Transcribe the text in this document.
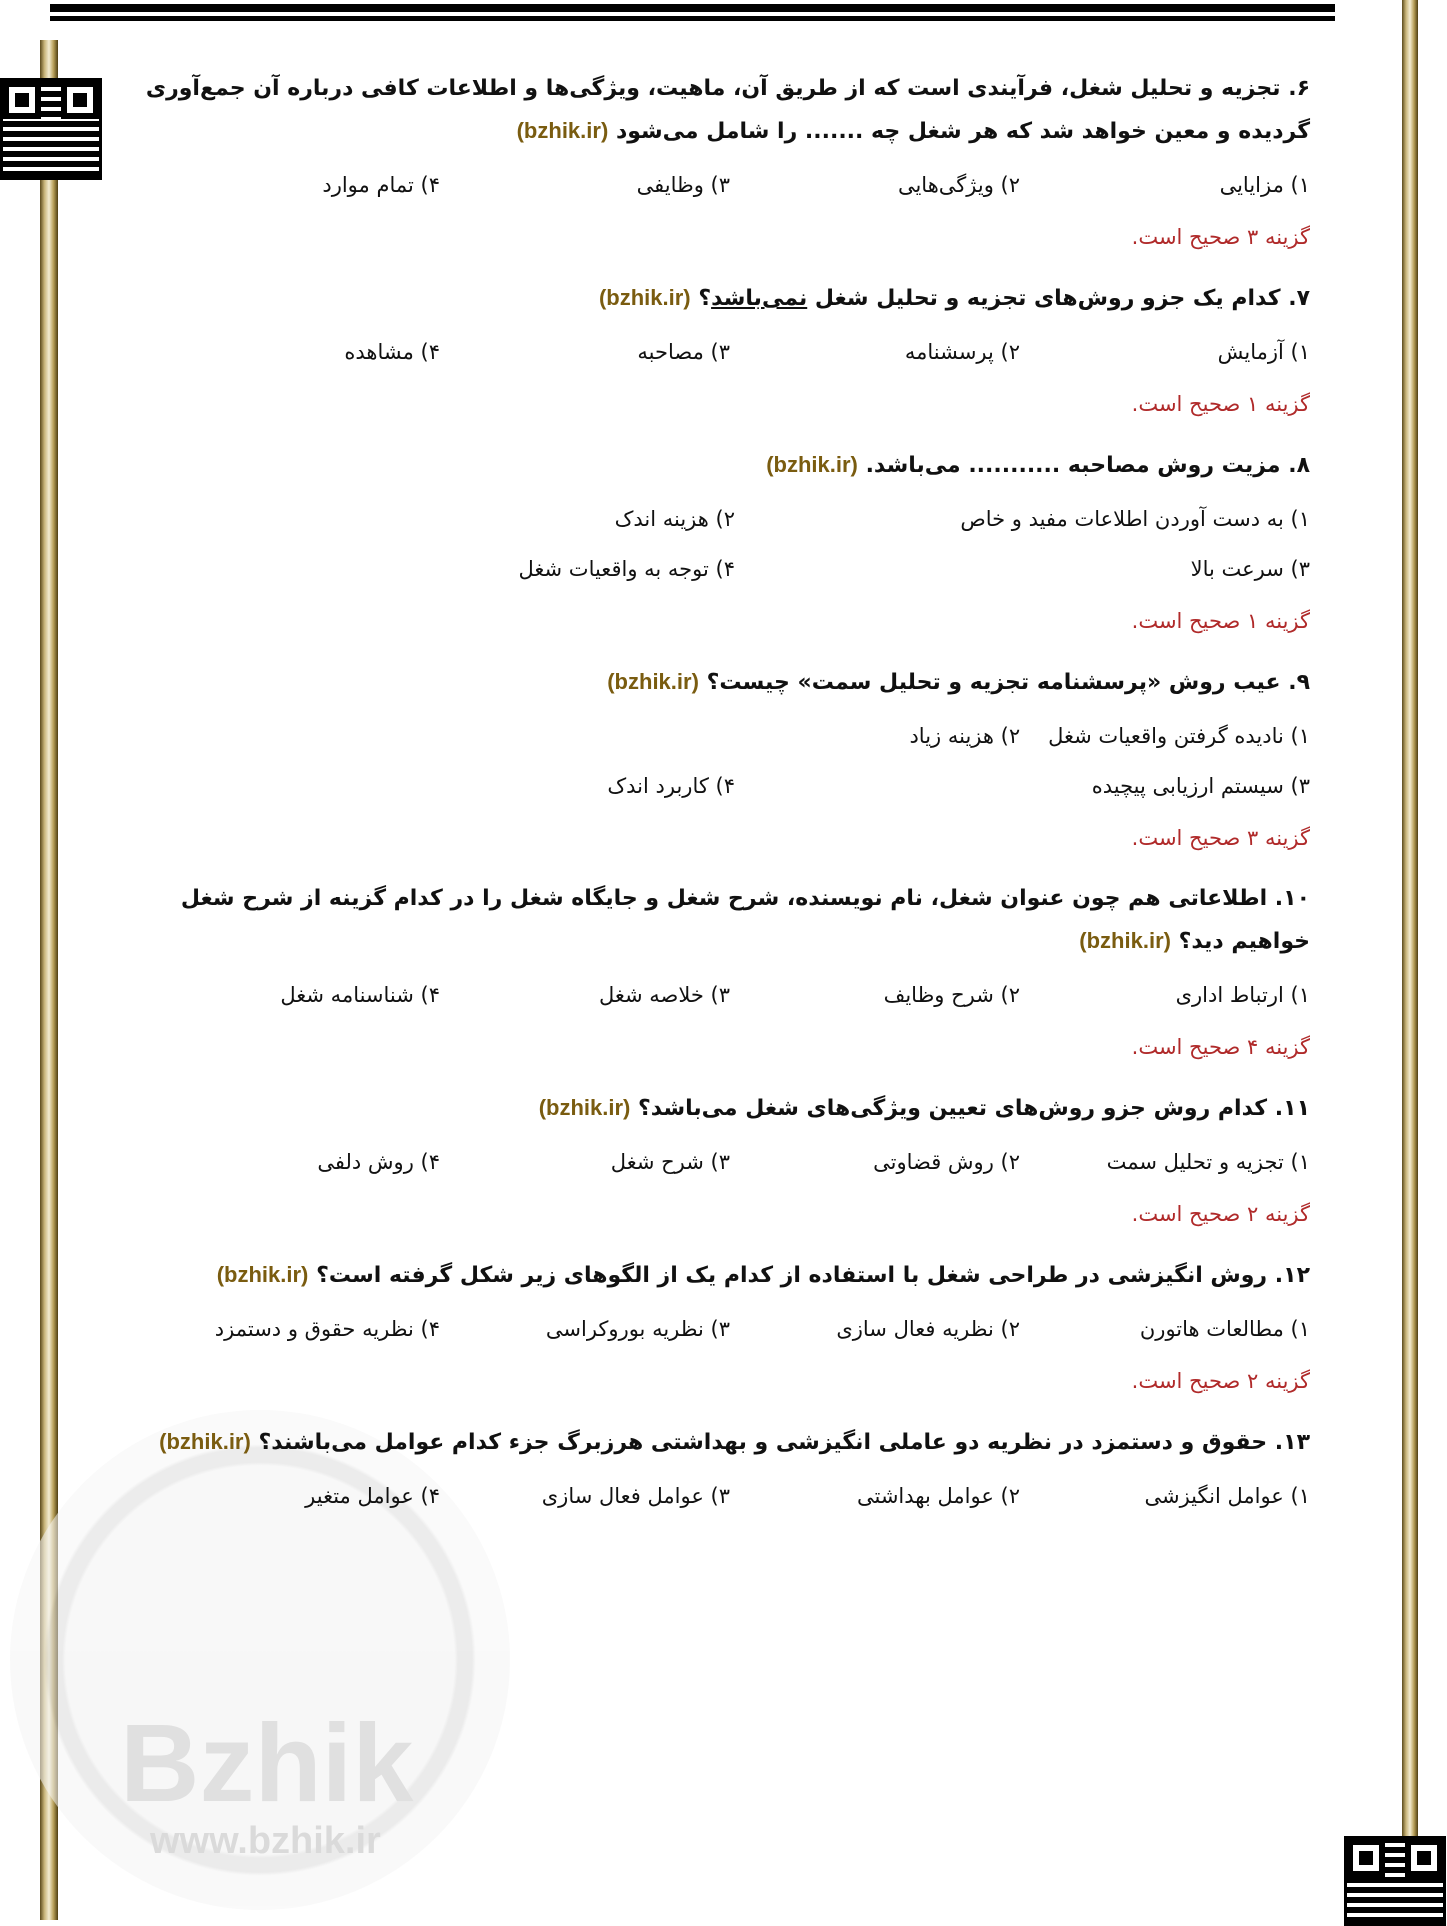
Bzhik
www.bzhik.ir
۶. تجزیه و تحلیل شغل، فرآیندی است که از طریق آن، ماهیت، ویژگی‌ها و اطلاعات کافی درباره آن جمع‌آوری گردیده و معین خواهد شد که هر شغل چه ....... را شامل می‌شود (bzhik.ir)
۱) مزایایی
۲) ویژگی‌هایی
۳) وظایفی
۴) تمام موارد
گزینه ۳ صحیح است.
۷. کدام یک جزو روش‌های تجزیه و تحلیل شغل نمی‌باشد؟ (bzhik.ir)
۱) آزمایش
۲) پرسشنامه
۳) مصاحبه
۴) مشاهده
گزینه ۱ صحیح است.
۸. مزیت روش مصاحبه ........... می‌باشد. (bzhik.ir)
۱) به دست آوردن اطلاعات مفید و خاص
۲) هزینه اندک
۳) سرعت بالا
۴) توجه به واقعیات شغل
گزینه ۱ صحیح است.
۹. عیب روش «پرسشنامه تجزیه و تحلیل سمت» چیست؟ (bzhik.ir)
۱) نادیده گرفتن واقعیات شغل
۲) هزینه زیاد
۳) سیستم ارزیابی پیچیده
۴) کاربرد اندک
گزینه ۳ صحیح است.
۱۰. اطلاعاتی هم چون عنوان شغل، نام نویسنده، شرح شغل و جایگاه شغل را در کدام گزینه از شرح شغل خواهیم دید؟ (bzhik.ir)
۱) ارتباط اداری
۲) شرح وظایف
۳) خلاصه شغل
۴) شناسنامه شغل
گزینه ۴ صحیح است.
۱۱. کدام روش جزو روش‌های تعیین ویژگی‌های شغل می‌باشد؟ (bzhik.ir)
۱) تجزیه و تحلیل سمت
۲) روش قضاوتی
۳) شرح شغل
۴) روش دلفی
گزینه ۲ صحیح است.
۱۲. روش انگیزشی در طراحی شغل با استفاده از کدام یک از الگوهای زیر شکل گرفته است؟ (bzhik.ir)
۱) مطالعات هاتورن
۲) نظریه فعال سازی
۳) نظریه بوروکراسی
۴) نظریه حقوق و دستمزد
گزینه ۲ صحیح است.
۱۳. حقوق و دستمزد در نظریه دو عاملی انگیزشی و بهداشتی هرزبرگ جزء کدام عوامل می‌باشند؟ (bzhik.ir)
۱) عوامل انگیزشی
۲) عوامل بهداشتی
۳) عوامل فعال سازی
۴) عوامل متغیر
